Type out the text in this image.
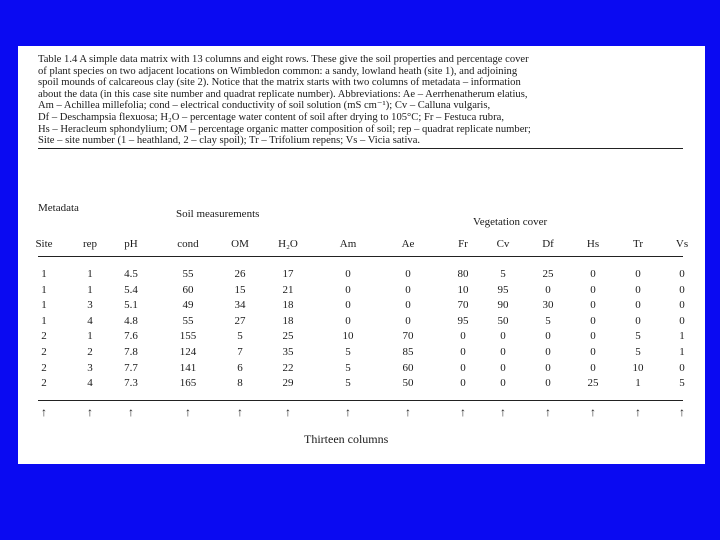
Table 1.4 A simple data matrix with 13 columns and eight rows. These give the soil properties and percentage cover
of plant species on two adjacent locations on Wimbledon common: a sandy, lowland heath (site 1), and adjoining
spoil mounds of calcareous clay (site 2). Notice that the matrix starts with two columns of metadata – information
about the data (in this case site number and quadrat replicate number). Abbreviations: Ae – Aerrhenatherum elatius,
Am – Achillea millefolia; cond – electrical conductivity of soil solution (mS cm⁻¹); Cv – Calluna vulgaris,
Df – Deschampsia flexuosa; H₂O – percentage water content of soil after drying to 105°C; Fr – Festuca rubra,
Hs – Heracleum sphondylium; OM – percentage organic matter composition of soil; rep – quadrat replicate number;
Site – site number (1 – heathland, 2 – clay spoil); Tr – Trifolium repens; Vs – Vicia sativa.
Metadata	Soil measurements
Vegetation cover
Site	rep	pH	cond	OM	H₂O	Am	Ae	Fr	Cv	Df	Hs	Tr	Vs
1	1	4.5	55	26	17	0	0	80	5	25	0	0	0
1	1	5.4	60	15	21	0	0	10	95	0	0	0	0
1	3	5.1	49	34	18	0	0	70	90	30	0	0	0
1	4	4.8	55	27	18	0	0	95	50	5	0	0	0
2	1	7.6	155	5	25	10	70	0	0	0	0	5	1
2	2	7.8	124	7	35	5	85	0	0	0	0	5	1
2	3	7.7	141	6	22	5	60	0	0	0	0	10	0
2	4	7.3	165	8	29	5	50	0	0	0	25	1	5
↑	↑	↑	↑	↑	↑	↑	↑	↑	↑	↑	↑	↑	↑
Thirteen columns
